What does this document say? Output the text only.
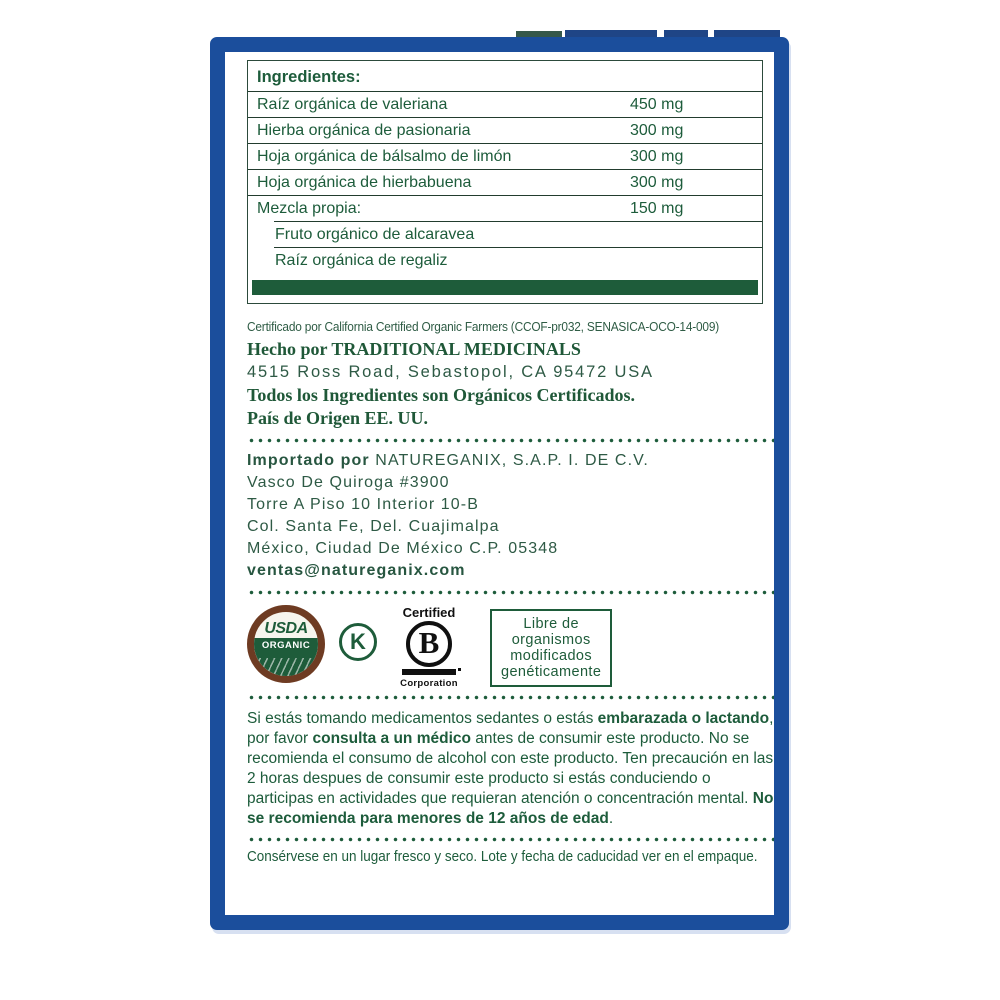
Ingredientes:
Raíz orgánica de valeriana	450 mg
Hierba orgánica de pasionaria	300 mg
Hoja orgánica de bálsalmo de limón	300 mg
Hoja orgánica de hierbabuena	300 mg
Mezcla propia:	150 mg
Fruto orgánico de alcaravea
Raíz orgánica de regaliz
Certificado por California Certified Organic Farmers (CCOF-pr032, SENASICA-OCO-14-009)
Hecho por TRADITIONAL MEDICINALS
4515 Ross Road, Sebastopol, CA 95472 USA
Todos los Ingredientes son Orgánicos Certificados.
País de Origen EE. UU.
Importado por NATUREGANIX, S.A.P. I. DE C.V.
Vasco De Quiroga #3900
Torre A Piso 10 Interior 10-B
Col. Santa Fe, Del. Cuajimalpa
México, Ciudad De México C.P. 05348
ventas@natureganix.com
USDA
ORGANIC	K
Certified
B
Corporation
Libre de
organismos
modificados
genéticamente
Si estás tomando medicamentos sedantes o estás embarazada o lactando, por favor consulta a un médico antes de consumir este producto. No se recomienda el consumo de alcohol con este producto. Ten precaución en las 2 horas despues de consumir este producto si estás conduciendo o participas en actividades que requieran atención o concentración mental. No se recomienda para menores de 12 años de edad.
Consérvese en un lugar fresco y seco. Lote y fecha de caducidad ver en el empaque.
